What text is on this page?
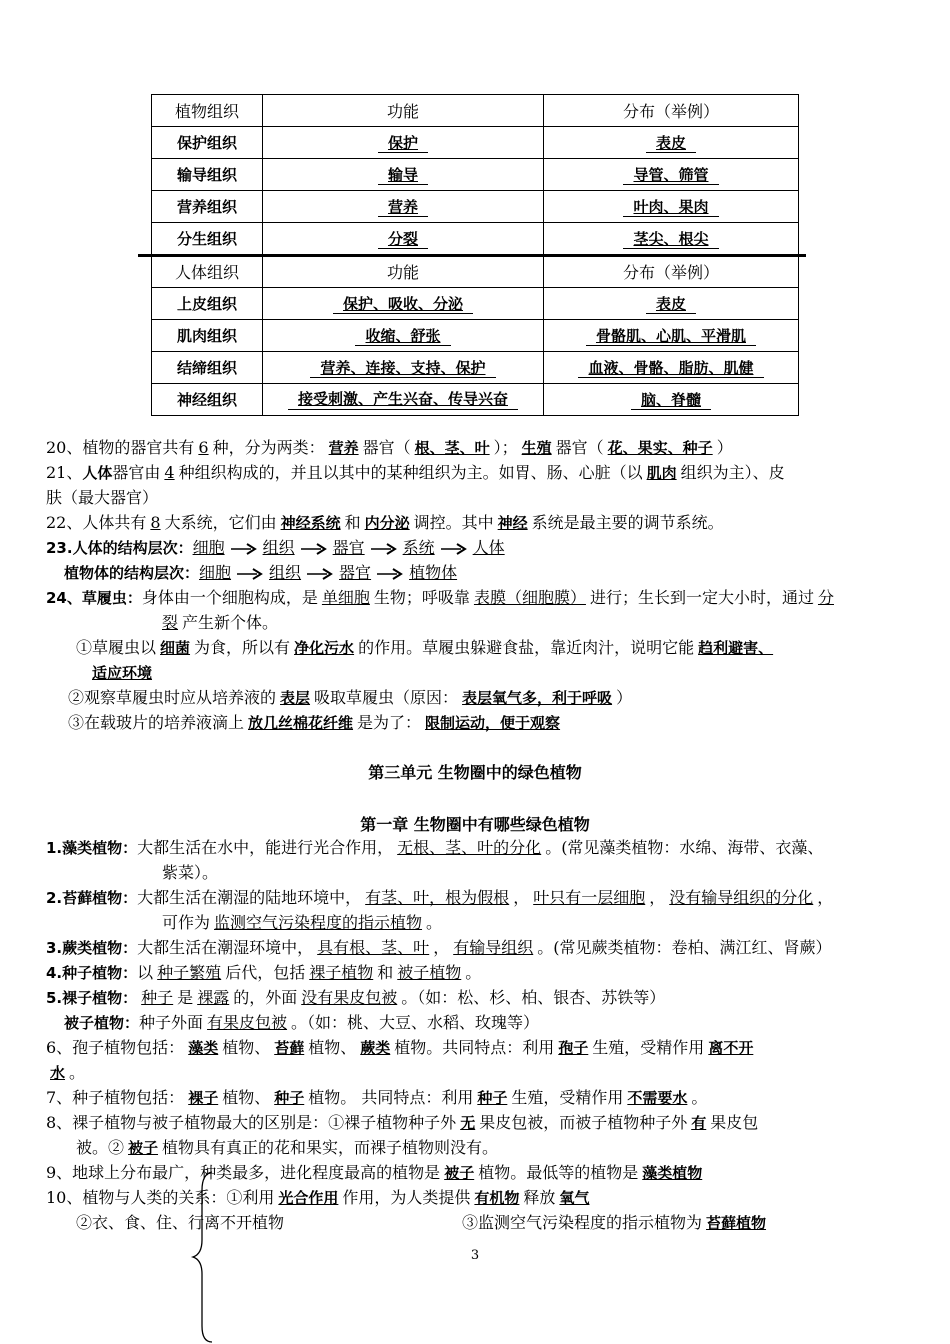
植物组织	功能	分布（举例）
保护组织	保护	表皮
输导组织	输导	导管、筛管
营养组织	营养	叶肉、果肉
分生组织	分裂	茎尖、根尖
人体组织	功能	分布（举例）
上皮组织	保护、吸收、分泌	表皮
肌肉组织	收缩、舒张	骨骼肌、心肌、平滑肌
结缔组织	营养、连接、支持、保护	血液、骨骼、脂肪、肌健
神经组织	接受刺激、产生兴奋、传导兴奋	脑、脊髓
20、植物的器官共有 6 种，分为两类： 营养 器官（ 根、茎、叶 ）； 生殖 器官（ 花、果实、种子 ）
21、人体器官由 4 种组织构成的，并且以其中的某种组织为主。如胃、肠、心脏（以 肌肉 组织为主）、皮
肤（最大器官）
22、人体共有 8 大系统，它们由 神经系统 和 内分泌 调控。其中 神经 系统是最主要的调节系统。
23.人体的结构层次：细胞 组织 器官 系统 人体
植物体的结构层次：细胞 组织 器官 植物体
24、草履虫：身体由一个细胞构成，是 单细胞 生物；呼吸靠 表膜（细胞膜） 进行；生长到一定大小时，通过 分
裂 产生新个体。
①草履虫以 细菌 为食，所以有 净化污水 的作用。草履虫躲避食盐，靠近肉汁，说明它能 趋利避害、
适应环境
②观察草履虫时应从培养液的 表层 吸取草履虫（原因： 表层氧气多，利于呼吸 ）
③在载玻片的培养液滴上 放几丝棉花纤维 是为了： 限制运动，便于观察
第三单元 生物圈中的绿色植物
第一章 生物圈中有哪些绿色植物
1.藻类植物：大都生活在水中，能进行光合作用， 无根、茎、叶的分化 。(常见藻类植物：水绵、海带、衣藻、
紫菜）。
2.苔藓植物：大都生活在潮湿的陆地环境中， 有茎、叶，根为假根 ， 叶只有一层细胞 ， 没有输导组织的分化 ，
可作为 监测空气污染程度的指示植物 。
3.蕨类植物：大都生活在潮湿环境中， 具有根、茎、叶 ， 有输导组织 。(常见蕨类植物：卷柏、满江红、肾蕨）
4.种子植物：以 种子繁殖 后代，包括 裸子植物 和 被子植物 。
5.裸子植物： 种子 是 裸露 的，外面 没有果皮包被 。（如：松、杉、柏、银杏、苏铁等）
被子植物：种子外面 有果皮包被 。（如：桃、大豆、水稻、玫瑰等）
6、孢子植物包括： 藻类 植物、 苔藓 植物、 蕨类 植物。共同特点：利用 孢子 生殖，受精作用 离不开
水 。
7、种子植物包括： 裸子 植物、 种子 植物。 共同特点：利用 种子 生殖，受精作用 不需要水 。
8、裸子植物与被子植物最大的区别是：①裸子植物种子外 无 果皮包被，而被子植物种子外 有 果皮包
被。② 被子 植物具有真正的花和果实，而裸子植物则没有。
9、地球上分布最广，种类最多，进化程度最高的植物是 被子 植物。最低等的植物是 藻类植物
10、植物与人类的关系：①利用 光合作用 作用，为人类提供 有机物 释放 氧气
②衣、食、住、行离不开植物	③监测空气污染程度的指示植物为 苔藓植物
3
